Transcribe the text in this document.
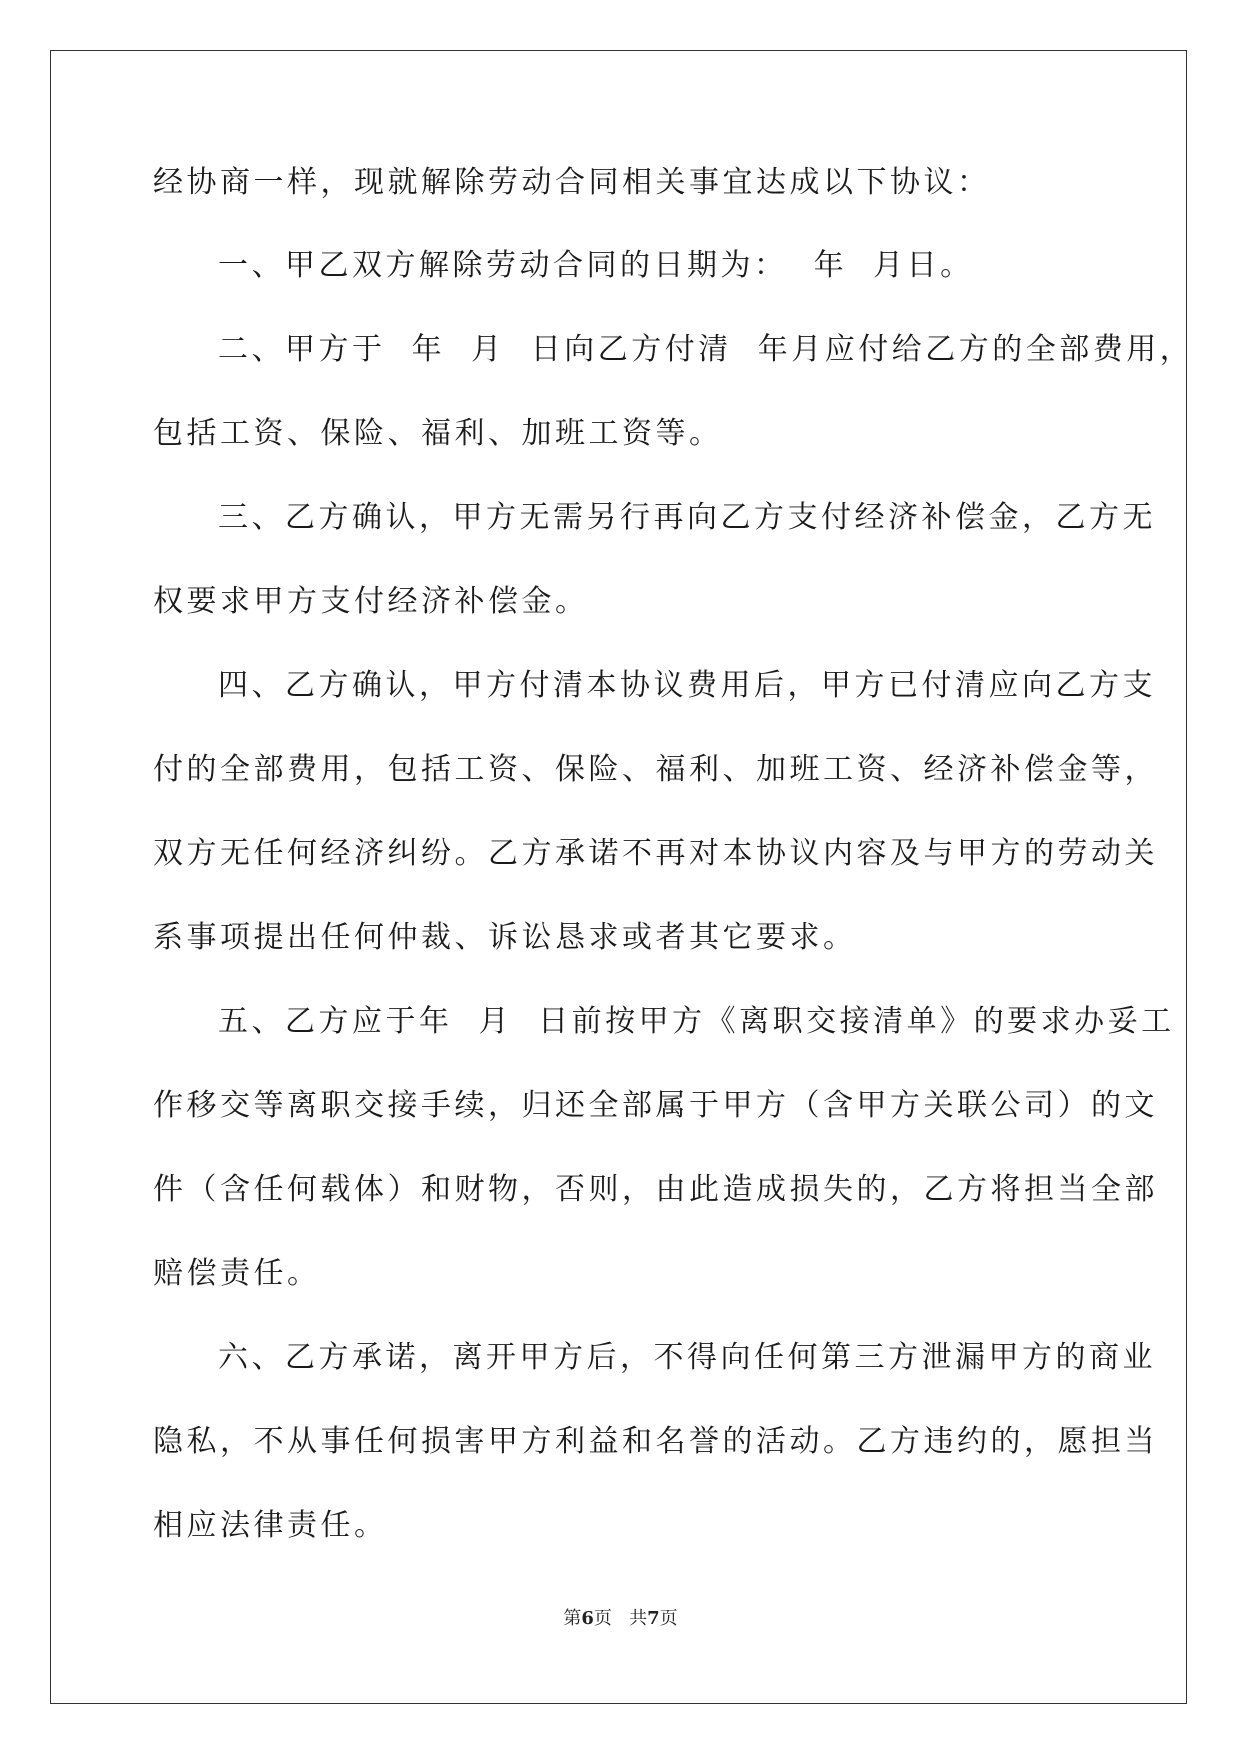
经协商一样，现就解除劳动合同相关事宜达成以下协议：
一、甲乙双方解除劳动合同的日期为：  年  月日。
二、甲方于  年  月  日向乙方付清  年月应付给乙方的全部费用，
包括工资、保险、福利、加班工资等。
三、乙方确认，甲方无需另行再向乙方支付经济补偿金，乙方无
权要求甲方支付经济补偿金。
四、乙方确认，甲方付清本协议费用后，甲方已付清应向乙方支
付的全部费用，包括工资、保险、福利、加班工资、经济补偿金等，
双方无任何经济纠纷。乙方承诺不再对本协议内容及与甲方的劳动关
系事项提出任何仲裁、诉讼恳求或者其它要求。
五、乙方应于年  月  日前按甲方《离职交接清单》的要求办妥工
作移交等离职交接手续，归还全部属于甲方（含甲方关联公司）的文
件（含任何载体）和财物，否则，由此造成损失的，乙方将担当全部
赔偿责任。
六、乙方承诺，离开甲方后，不得向任何第三方泄漏甲方的商业
隐私，不从事任何损害甲方利益和名誉的活动。乙方违约的，愿担当
相应法律责任。
第6页 共7页
